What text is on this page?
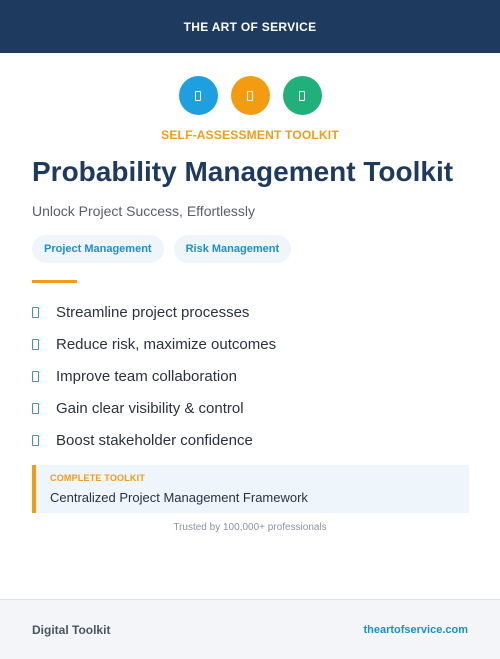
THE ART OF SERVICE
SELF-ASSESSMENT TOOLKIT
Probability Management Toolkit

Unlock Project Success, Effortlessly

Project Management	Risk Management
Streamline project processes
Reduce risk, maximize outcomes
Improve team collaboration
Gain clear visibility & control
Boost stakeholder confidence
COMPLETE TOOLKIT
Centralized Project Management Framework
Trusted by 100,000+ professionals
Digital Toolkit	theartofservice.com
